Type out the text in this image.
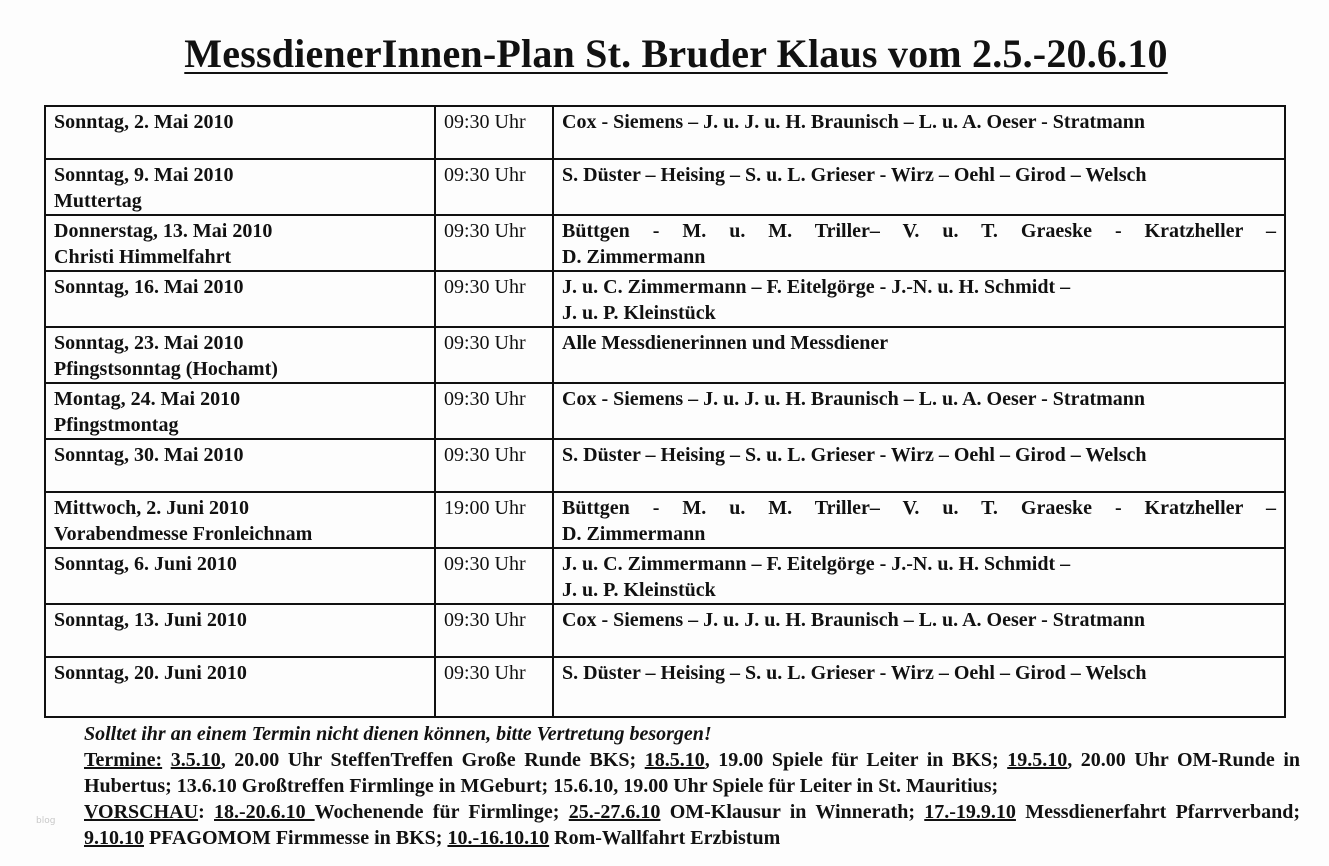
MessdienerInnen-Plan St. Bruder Klaus vom 2.5.-20.6.10
Sonntag, 2. Mai 2010	09:30 Uhr	Cox - Siemens – J. u. J. u. H. Braunisch – L. u. A. Oeser - Stratmann

Sonntag, 9. Mai 2010
Muttertag	09:30 Uhr	S. Düster – Heising – S. u. L. Grieser - Wirz – Oehl – Girod – Welsch

Donnerstag, 13. Mai 2010
Christi Himmelfahrt	09:30 Uhr	Büttgen - M. u. M. Triller– V. u. T. Graeske - Kratzheller –
D. Zimmermann

Sonntag, 16. Mai 2010	09:30 Uhr	J. u. C. Zimmermann – F. Eitelgörge - J.-N. u. H. Schmidt –
J. u. P. Kleinstück

Sonntag, 23. Mai 2010
Pfingstsonntag (Hochamt)	09:30 Uhr	Alle Messdienerinnen und Messdiener

Montag, 24. Mai 2010
Pfingstmontag	09:30 Uhr	Cox - Siemens – J. u. J. u. H. Braunisch – L. u. A. Oeser - Stratmann

Sonntag, 30. Mai 2010	09:30 Uhr	S. Düster – Heising – S. u. L. Grieser - Wirz – Oehl – Girod – Welsch

Mittwoch, 2. Juni 2010
Vorabendmesse Fronleichnam	19:00 Uhr	Büttgen - M. u. M. Triller– V. u. T. Graeske - Kratzheller –
D. Zimmermann

Sonntag, 6. Juni 2010	09:30 Uhr	J. u. C. Zimmermann – F. Eitelgörge - J.-N. u. H. Schmidt –
J. u. P. Kleinstück

Sonntag, 13. Juni 2010	09:30 Uhr	Cox - Siemens – J. u. J. u. H. Braunisch – L. u. A. Oeser - Stratmann

Sonntag, 20. Juni 2010	09:30 Uhr	S. Düster – Heising – S. u. L. Grieser - Wirz – Oehl – Girod – Welsch
Solltet ihr an einem Termin nicht dienen können, bitte Vertretung besorgen!
Termine: 3.5.10, 20.00 Uhr SteffenTreffen Große Runde BKS; 18.5.10, 19.00 Spiele für Leiter in BKS; 19.5.10, 20.00 Uhr OM-Runde in Hubertus; 13.6.10 Großtreffen Firmlinge in MGeburt; 15.6.10, 19.00 Uhr Spiele für Leiter in St. Mauritius;
VORSCHAU: 18.-20.6.10 Wochenende für Firmlinge; 25.-27.6.10 OM-Klausur in Winnerath; 17.-19.9.10 Messdienerfahrt Pfarrverband; 9.10.10 PFAGOMOM Firmmesse in BKS; 10.-16.10.10 Rom-Wallfahrt Erzbistum
blog
